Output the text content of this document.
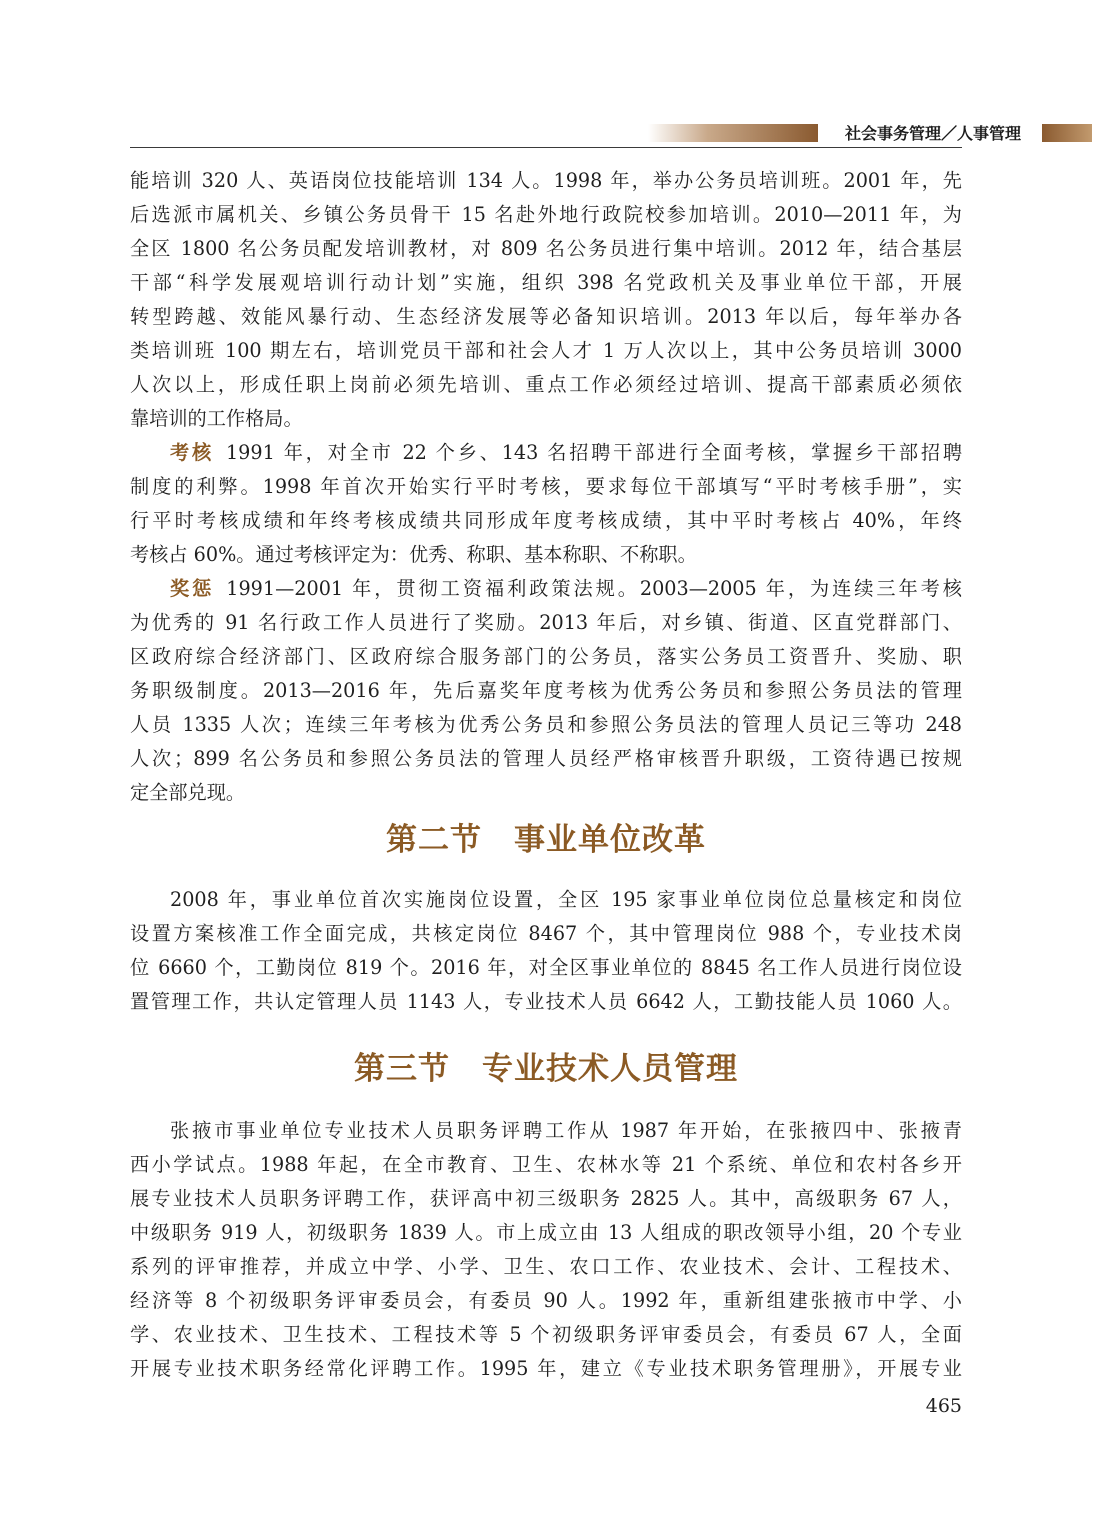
社会事务管理／人事管理
能培训 320 人、英语岗位技能培训 134 人。1998 年，举办公务员培训班。2001 年，先
后选派市属机关、乡镇公务员骨干 15 名赴外地行政院校参加培训。2010—2011 年，为
全区 1800 名公务员配发培训教材，对 809 名公务员进行集中培训。2012 年，结合基层
干部“科学发展观培训行动计划”实施，组织 398 名党政机关及事业单位干部，开展
转型跨越、效能风暴行动、生态经济发展等必备知识培训。2013 年以后，每年举办各
类培训班 100 期左右，培训党员干部和社会人才 1 万人次以上，其中公务员培训 3000
人次以上，形成任职上岗前必须先培训、重点工作必须经过培训、提高干部素质必须依
靠培训的工作格局。
考核 1991 年，对全市 22 个乡、143 名招聘干部进行全面考核，掌握乡干部招聘
制度的利弊。1998 年首次开始实行平时考核，要求每位干部填写“平时考核手册”，实
行平时考核成绩和年终考核成绩共同形成年度考核成绩，其中平时考核占 40%，年终
考核占 60%。通过考核评定为：优秀、称职、基本称职、不称职。
奖惩 1991—2001 年，贯彻工资福利政策法规。2003—2005 年，为连续三年考核
为优秀的 91 名行政工作人员进行了奖励。2013 年后，对乡镇、街道、区直党群部门、
区政府综合经济部门、区政府综合服务部门的公务员，落实公务员工资晋升、奖励、职
务职级制度。2013—2016 年，先后嘉奖年度考核为优秀公务员和参照公务员法的管理
人员 1335 人次；连续三年考核为优秀公务员和参照公务员法的管理人员记三等功 248
人次；899 名公务员和参照公务员法的管理人员经严格审核晋升职级，工资待遇已按规
定全部兑现。
第二节　事业单位改革
2008 年，事业单位首次实施岗位设置，全区 195 家事业单位岗位总量核定和岗位
设置方案核准工作全面完成，共核定岗位 8467 个，其中管理岗位 988 个，专业技术岗
位 6660 个，工勤岗位 819 个。2016 年，对全区事业单位的 8845 名工作人员进行岗位设
置管理工作，共认定管理人员 1143 人，专业技术人员 6642 人，工勤技能人员 1060 人。
第三节　专业技术人员管理
张掖市事业单位专业技术人员职务评聘工作从 1987 年开始，在张掖四中、张掖青
西小学试点。1988 年起，在全市教育、卫生、农林水等 21 个系统、单位和农村各乡开
展专业技术人员职务评聘工作，获评高中初三级职务 2825 人。其中，高级职务 67 人，
中级职务 919 人，初级职务 1839 人。市上成立由 13 人组成的职改领导小组，20 个专业
系列的评审推荐，并成立中学、小学、卫生、农口工作、农业技术、会计、工程技术、
经济等 8 个初级职务评审委员会，有委员 90 人。1992 年，重新组建张掖市中学、小
学、农业技术、卫生技术、工程技术等 5 个初级职务评审委员会，有委员 67 人，全面
开展专业技术职务经常化评聘工作。1995 年，建立《专业技术职务管理册》，开展专业
465
